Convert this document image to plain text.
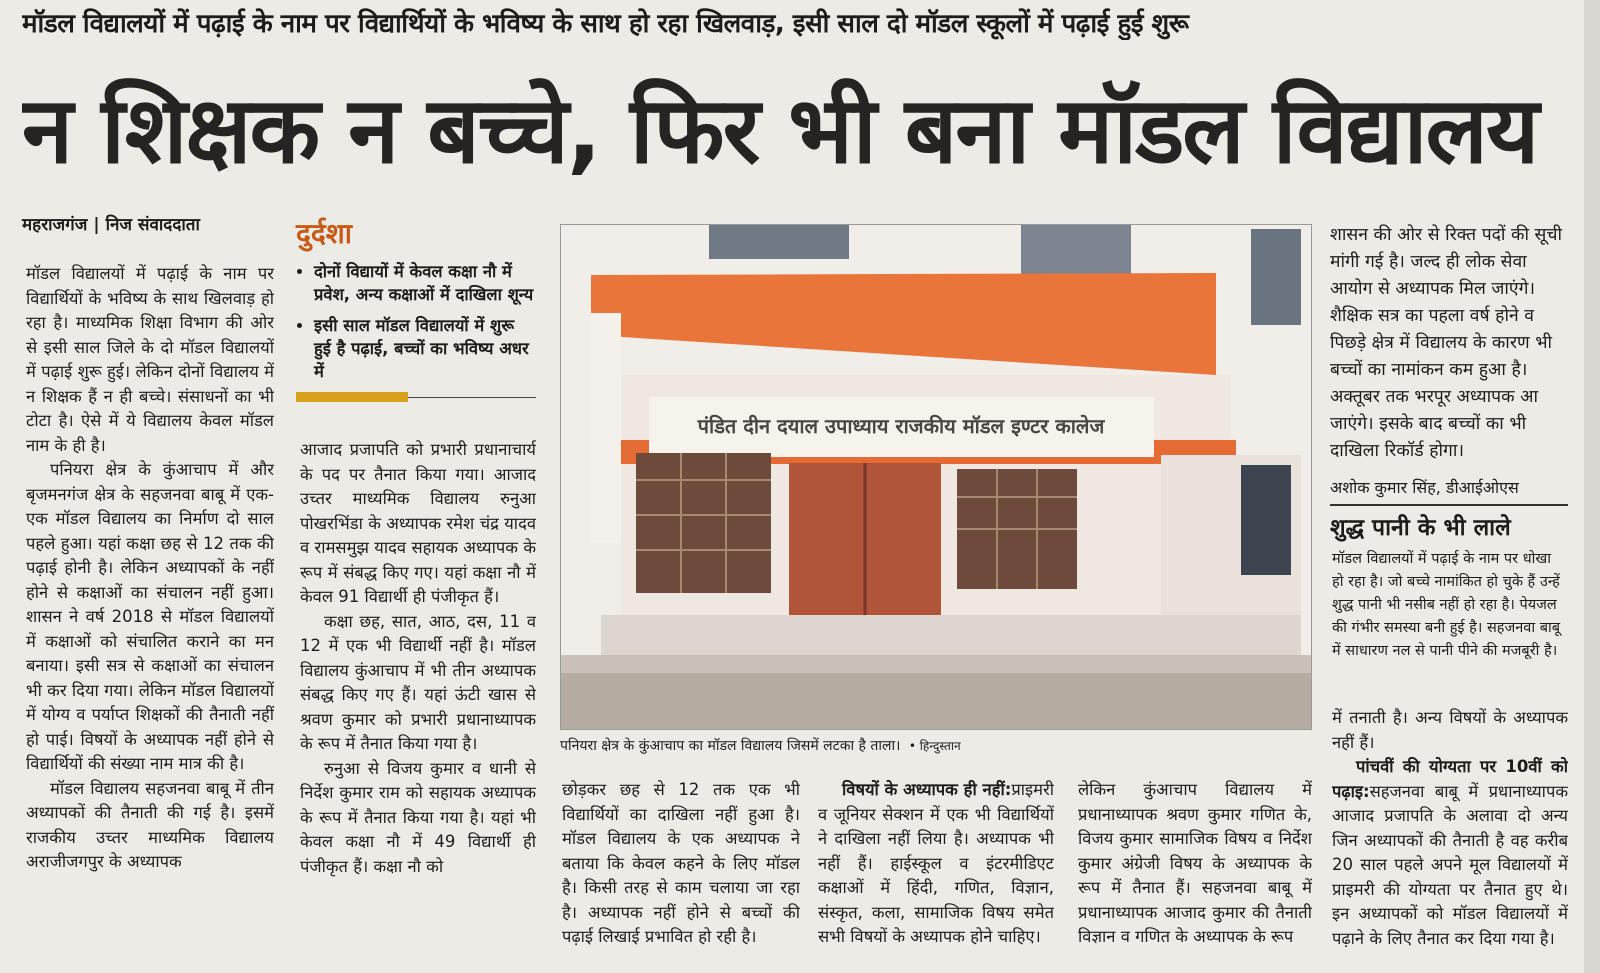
मॉडल विद्यालयों में पढ़ाई के नाम पर विद्यार्थियों के भविष्य के साथ हो रहा खिलवाड़, इसी साल दो मॉडल स्कूलों में पढ़ाई हुई शुरू
न शिक्षक न बच्चे, फिर भी बना मॉडल विद्यालय
महराजगंज | निज संवाददाता

मॉडल विद्यालयों में पढ़ाई के नाम पर विद्यार्थियों के भविष्य के साथ खिलवाड़ हो रहा है। माध्यमिक शिक्षा विभाग की ओर से इसी साल जिले के दो मॉडल विद्यालयों में पढ़ाई शुरू हुई। लेकिन दोनों विद्यालय में न शिक्षक हैं न ही बच्चे। संसाधनों का भी टोटा है। ऐसे में ये विद्यालय केवल मॉडल नाम के ही है।

पनियरा क्षेत्र के कुंआचाप में और बृजमनगंज क्षेत्र के सहजनवा बाबू में एक-एक मॉडल विद्यालय का निर्माण दो साल पहले हुआ। यहां कक्षा छह से 12 तक की पढ़ाई होनी है। लेकिन अध्यापकों के नहीं होने से कक्षाओं का संचालन नहीं हुआ। शासन ने वर्ष 2018 से मॉडल विद्यालयों में कक्षाओं को संचालित कराने का मन बनाया। इसी सत्र से कक्षाओं का संचालन भी कर दिया गया। लेकिन मॉडल विद्यालयों में योग्य व पर्याप्त शिक्षकों की तैनाती नहीं हो पाई। विषयों के अध्यापक नहीं होने से विद्यार्थियों की संख्या नाम मात्र की है।

मॉडल विद्यालय सहजनवा बाबू में तीन अध्यापकों की तैनाती की गई है। इसमें राजकीय उच्तर माध्यमिक विद्यालय अराजीजगपुर के अध्यापक

दुर्दशा
• दोनों विद्यायों में केवल कक्षा नौ में प्रवेश, अन्य कक्षाओं में दाखिला शून्य
• इसी साल मॉडल विद्यालयों में शुरू हुई है पढ़ाई, बच्चों का भविष्य अधर में

आजाद प्रजापति को प्रभारी प्रधानाचार्य के पद पर तैनात किया गया। आजाद उच्तर माध्यमिक विद्यालय रुनुआ पोखरभिंडा के अध्यापक रमेश चंद्र यादव व रामसमुझ यादव सहायक अध्यापक के रूप में संबद्ध किए गए। यहां कक्षा नौ में केवल 91 विद्यार्थी ही पंजीकृत हैं।

कक्षा छह, सात, आठ, दस, 11 व 12 में एक भी विद्यार्थी नहीं है। मॉडल विद्यालय कुंआचाप में भी तीन अध्यापक संबद्ध किए गए हैं। यहां ऊंटी खास से श्रवण कुमार को प्रभारी प्रधानाध्यापक के रूप में तैनात किया गया है।

रुनुआ से विजय कुमार व धानी से निर्देश कुमार राम को सहायक अध्यापक के रूप में तैनात किया गया है। यहां भी केवल कक्षा नौ में 49 विद्यार्थी ही पंजीकृत हैं। कक्षा नौ को

पंडित दीन दयाल उपाध्याय राजकीय मॉडल इण्टर कालेज
पनियरा क्षेत्र के कुंआचाप का मॉडल विद्यालय जिसमें लटका है ताला। • हिन्दुस्तान

छोड़कर छह से 12 तक एक भी विद्यार्थियों का दाखिला नहीं हुआ है। मॉडल विद्यालय के एक अध्यापक ने बताया कि केवल कहने के लिए मॉडल है। किसी तरह से काम चलाया जा रहा है। अध्यापक नहीं होने से बच्चों की पढ़ाई लिखाई प्रभावित हो रही है।

विषयों के अध्यापक ही नहीं:प्राइमरी व जूनियर सेक्शन में एक भी विद्यार्थियों ने दाखिला नहीं लिया है। अध्यापक भी नहीं हैं। हाईस्कूल व इंटरमीडिएट कक्षाओं में हिंदी, गणित, विज्ञान, संस्कृत, कला, सामाजिक विषय समेत सभी विषयों के अध्यापक होने चाहिए।

लेकिन कुंआचाप विद्यालय में प्रधानाध्यापक श्रवण कुमार गणित के, विजय कुमार सामाजिक विषय व निर्देश कुमार अंग्रेजी विषय के अध्यापक के रूप में तैनात हैं। सहजनवा बाबू में प्रधानाध्यापक आजाद कुमार की तैनाती विज्ञान व गणित के अध्यापक के रूप

शासन की ओर से रिक्त पदों की सूची मांगी गई है। जल्द ही लोक सेवा आयोग से अध्यापक मिल जाएंगे। शैक्षिक सत्र का पहला वर्ष होने व पिछड़े क्षेत्र में विद्यालय के कारण भी बच्चों का नामांकन कम हुआ है। अक्तूबर तक भरपूर अध्यापक आ जाएंगे। इसके बाद बच्चों का भी दाखिला रिकॉर्ड होगा।
अशोक कुमार सिंह, डीआईओएस
शुद्ध पानी के भी लाले
मॉडल विद्यालयों में पढ़ाई के नाम पर धोखा हो रहा है। जो बच्चे नामांकित हो चुके हैं उन्हें शुद्ध पानी भी नसीब नहीं हो रहा है। पेयजल की गंभीर समस्या बनी हुई है। सहजनवा बाबू में साधारण नल से पानी पीने की मजबूरी है।

में तनाती है। अन्य विषयों के अध्यापक नहीं हैं।

पांचवीं की योग्यता पर 10वीं को पढ़ाइ:सहजनवा बाबू में प्रधानाध्यापक आजाद प्रजापति के अलावा दो अन्य जिन अध्यापकों की तैनाती है वह करीब 20 साल पहले अपने मूल विद्यालयों में प्राइमरी की योग्यता पर तैनात हुए थे। इन अध्यापकों को मॉडल विद्यालयों में पढ़ाने के लिए तैनात कर दिया गया है।
